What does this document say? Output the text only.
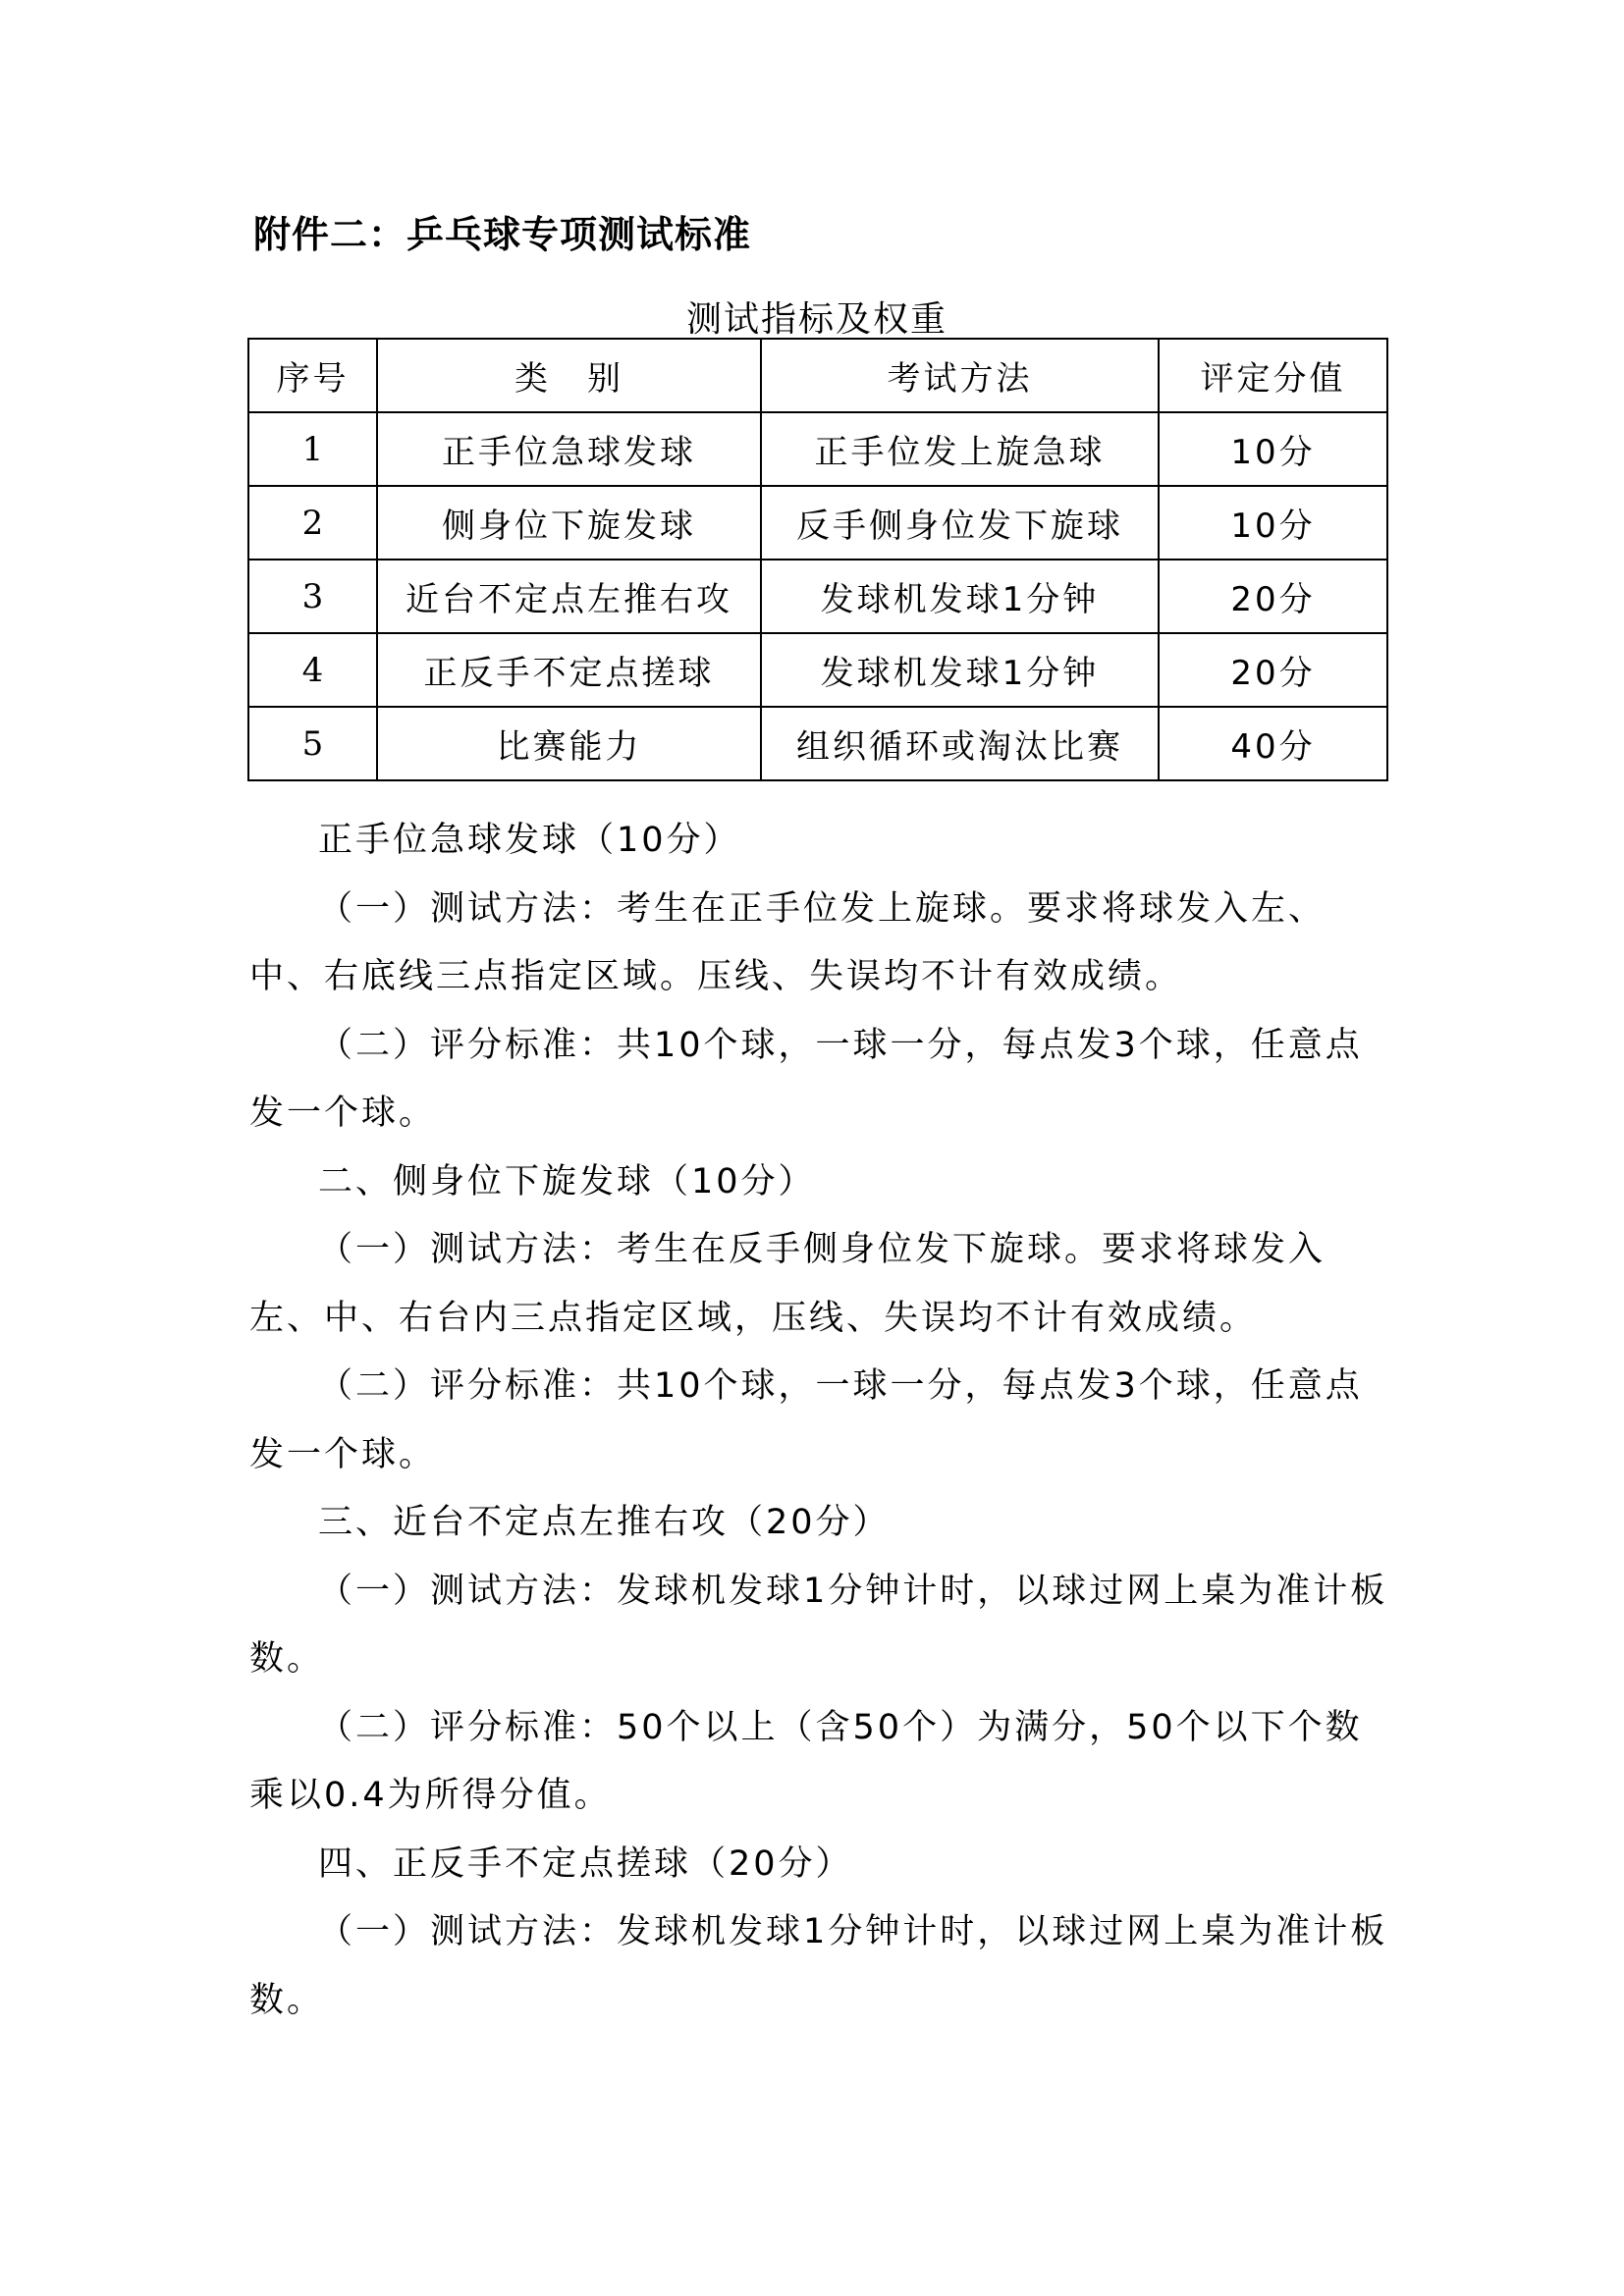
附件二：乒乓球专项测试标准
测试指标及权重
序号	类　别	考试方法	评定分值
1	正手位急球发球	正手位发上旋急球	10分
2	侧身位下旋发球	反手侧身位发下旋球	10分
3	近台不定点左推右攻	发球机发球1分钟	20分
4	正反手不定点搓球	发球机发球1分钟	20分
5	比赛能力	组织循环或淘汰比赛	40分

正手位急球发球（10分）

（一）测试方法：考生在正手位发上旋球。要求将球发入左、中、右底线三点指定区域。压线、失误均不计有效成绩。

（二）评分标准：共10个球，一球一分，每点发3个球，任意点发一个球。

二、侧身位下旋发球（10分）

（一）测试方法：考生在反手侧身位发下旋球。要求将球发入左、中、右台内三点指定区域，压线、失误均不计有效成绩。

（二）评分标准：共10个球，一球一分，每点发3个球，任意点发一个球。

三、近台不定点左推右攻（20分）

（一）测试方法：发球机发球1分钟计时，以球过网上桌为准计板数。

（二）评分标准：50个以上（含50个）为满分，50个以下个数乘以0.4为所得分值。

四、正反手不定点搓球（20分）

（一）测试方法：发球机发球1分钟计时，以球过网上桌为准计板数。
